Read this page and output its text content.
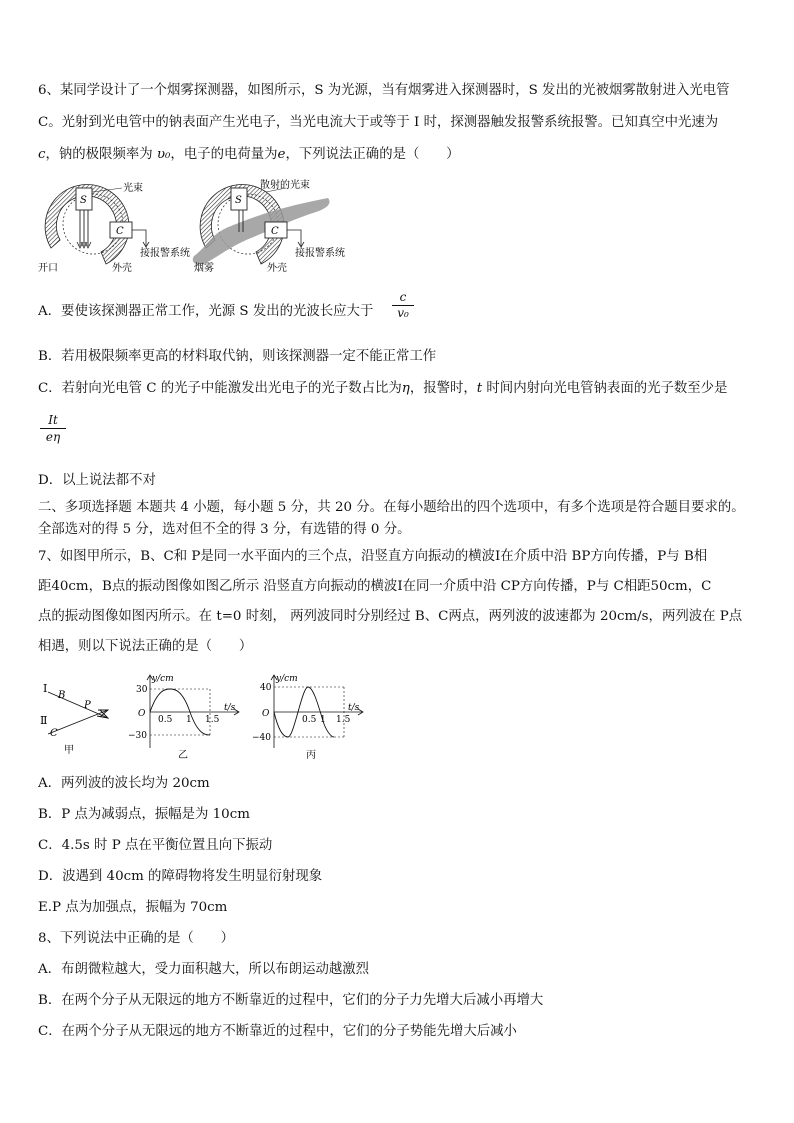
6、某同学设计了一个烟雾探测器，如图所示，S 为光源，当有烟雾进入探测器时，S 发出的光被烟雾散射进入光电管
C。光射到光电管中的钠表面产生光电子，当光电流大于或等于 I 时，探测器触发报警系统报警。已知真空中光速为
c，钠的极限频率为 υ₀，电子的电荷量为e，下列说法正确的是（　　）
S
C
光束
接报警系统
开口	外壳
S
C
散射的光束
接报警系统
烟雾	外壳
A．要使该探测器正常工作，光源 S 发出的光波长应大于
c
v₀
B．若用极限频率更高的材料取代钠，则该探测器一定不能正常工作
C．若射向光电管 C 的光子中能激发出光电子的光子数占比为η，报警时，t 时间内射向光电管钠表面的光子数至少是
It
eη
D．以上说法都不对
二、多项选择题 本题共 4 小题，每小题 5 分，共 20 分。在每小题给出的四个选项中，有多个选项是符合题目要求的。
全部选对的得 5 分，选对但不全的得 3 分，有选错的得 0 分。
7、如图甲所示，B、C和 P是同一水平面内的三个点，沿竖直方向振动的横波Ⅰ在介质中沿 BP方向传播，P与 B相
距40cm，B点的振动图像如图乙所示 沿竖直方向振动的横波Ⅰ在同一介质中沿 CP方向传播，P与 C相距50cm，C
点的振动图像如图丙所示。在 t=0 时刻， 两列波同时分别经过 B、C两点，两列波的波速都为 20cm/s，两列波在 P点
相遇，则以下说法正确的是（　　）
Ⅰ
B
P
Ⅱ
C
甲
y/cm
t/s
O
30
−30
0.5 1 1.5
乙
y/cm
t/s
O
40
−40
0.5 1 1.5
丙
A．两列波的波长均为 20cm
B．P 点为减弱点，振幅是为 10cm
C．4.5s 时 P 点在平衡位置且向下振动
D．波遇到 40cm 的障碍物将发生明显衍射现象
E.P 点为加强点，振幅为 70cm
8、下列说法中正确的是（　　）
A．布朗微粒越大，受力面积越大，所以布朗运动越激烈
B．在两个分子从无限远的地方不断靠近的过程中，它们的分子力先增大后减小再增大
C．在两个分子从无限远的地方不断靠近的过程中，它们的分子势能先增大后减小
